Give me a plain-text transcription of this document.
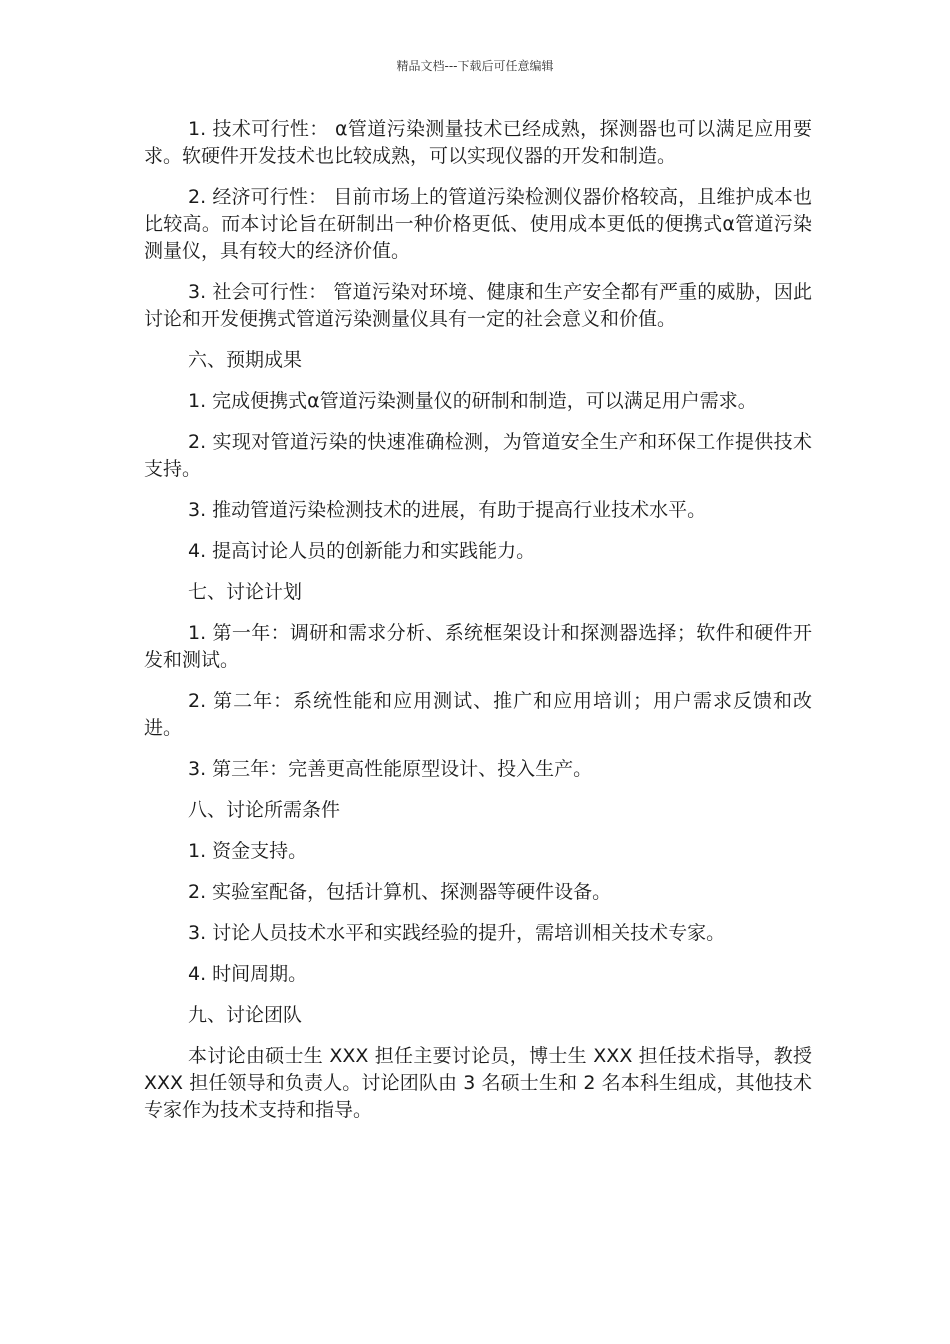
精品文档---下载后可任意编辑

1. 技术可行性： α管道污染测量技术已经成熟，探测器也可以满足应用要求。软硬件开发技术也比较成熟，可以实现仪器的开发和制造。

2. 经济可行性： 目前市场上的管道污染检测仪器价格较高，且维护成本也比较高。而本讨论旨在研制出一种价格更低、使用成本更低的便携式α管道污染测量仪，具有较大的经济价值。

3. 社会可行性： 管道污染对环境、健康和生产安全都有严重的威胁，因此讨论和开发便携式管道污染测量仪具有一定的社会意义和价值。

六、预期成果

1. 完成便携式α管道污染测量仪的研制和制造，可以满足用户需求。

2. 实现对管道污染的快速准确检测，为管道安全生产和环保工作提供技术支持。

3. 推动管道污染检测技术的进展，有助于提高行业技术水平。

4. 提高讨论人员的创新能力和实践能力。

七、讨论计划

1. 第一年：调研和需求分析、系统框架设计和探测器选择；软件和硬件开发和测试。

2. 第二年：系统性能和应用测试、推广和应用培训；用户需求反馈和改进。

3. 第三年：完善更高性能原型设计、投入生产。

八、讨论所需条件

1. 资金支持。

2. 实验室配备，包括计算机、探测器等硬件设备。

3. 讨论人员技术水平和实践经验的提升，需培训相关技术专家。

4. 时间周期。

九、讨论团队

本讨论由硕士生 XXX 担任主要讨论员，博士生 XXX 担任技术指导，教授 XXX 担任领导和负责人。讨论团队由 3 名硕士生和 2 名本科生组成，其他技术专家作为技术支持和指导。
